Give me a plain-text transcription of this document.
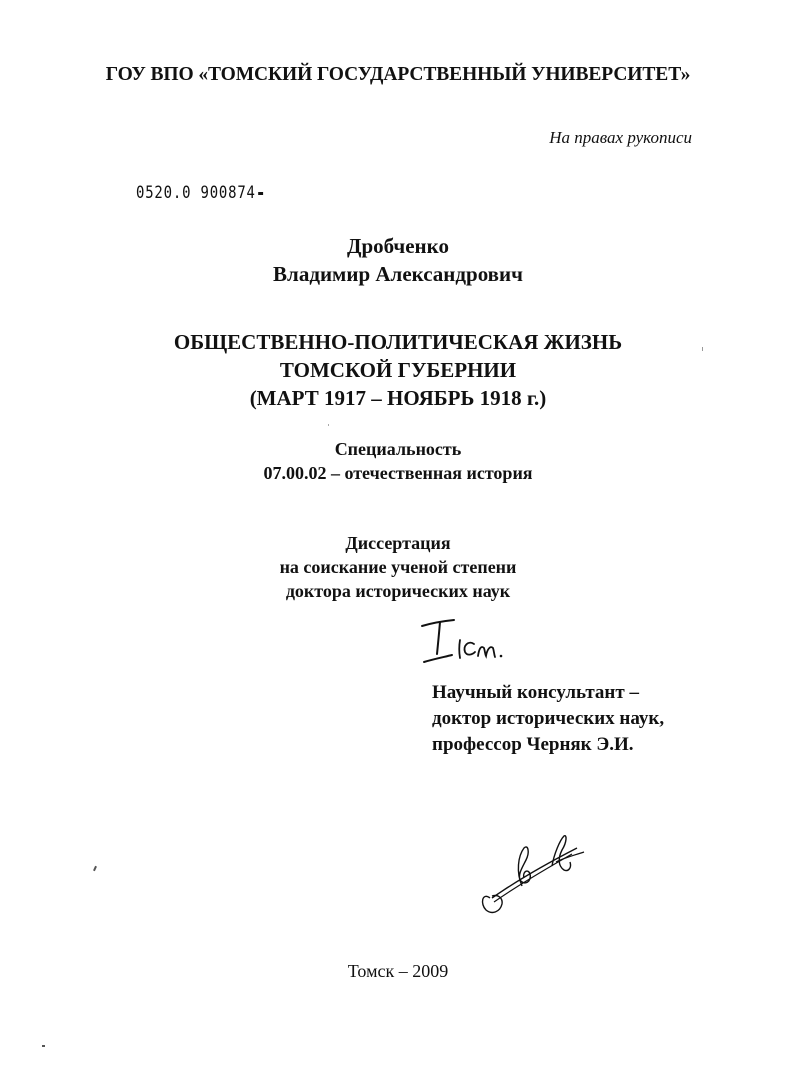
ГОУ ВПО «ТОМСКИЙ ГОСУДАРСТВЕННЫЙ УНИВЕРСИТЕТ»
На правах рукописи
0520.0 900874
Дробченко
Владимир Александрович
ОБЩЕСТВЕННО-ПОЛИТИЧЕСКАЯ ЖИЗНЬ
ТОМСКОЙ ГУБЕРНИИ
(МАРТ 1917 – НОЯБРЬ 1918 г.)
Специальность
07.00.02 – отечественная история
Диссертация
на соискание ученой степени
доктора исторических наук
Научный консультант –
доктор исторических наук,
профессор Черняк Э.И.
Томск – 2009
